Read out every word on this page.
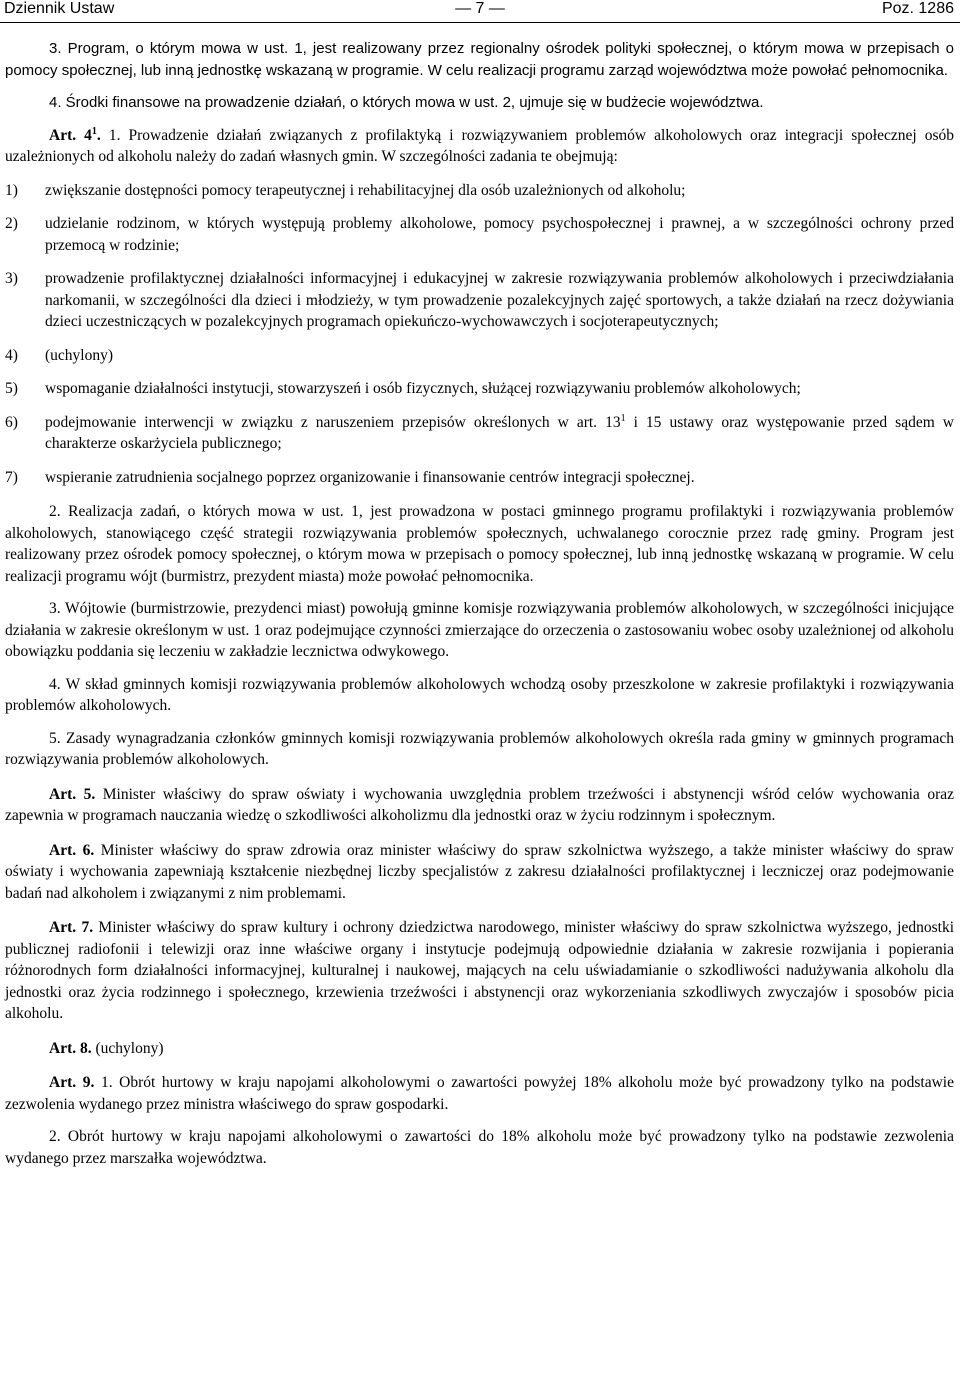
Dziennik Ustaw	— 7 —	Poz. 1286

3. Program, o którym mowa w ust. 1, jest realizowany przez regionalny ośrodek polityki społecznej, o którym mowa w przepisach o pomocy społecznej, lub inną jednostkę wskazaną w programie. W celu realizacji programu zarząd województwa może powołać pełnomocnika.

4. Środki finansowe na prowadzenie działań, o których mowa w ust. 2, ujmuje się w budżecie województwa.

Art. $4^1$. 1. Prowadzenie działań związanych z profilaktyką i rozwiązywaniem problemów alkoholowych oraz integracji społecznej osób uzależnionych od alkoholu należy do zadań własnych gmin. W szczególności zadania te obejmują:

1)	zwiększanie dostępności pomocy terapeutycznej i rehabilitacyjnej dla osób uzależnionych od alkoholu;
2)	udzielanie rodzinom, w których występują problemy alkoholowe, pomocy psychospołecznej i prawnej, a w szczególności ochrony przed przemocą w rodzinie;
3)	prowadzenie profilaktycznej działalności informacyjnej i edukacyjnej w zakresie rozwiązywania problemów alkoholowych i przeciwdziałania narkomanii, w szczególności dla dzieci i młodzieży, w tym prowadzenie pozalekcyjnych zajęć sportowych, a także działań na rzecz dożywiania dzieci uczestniczących w pozalekcyjnych programach opiekuńczo-wychowawczych i socjoterapeutycznych;
4)	(uchylony)
5)	wspomaganie działalności instytucji, stowarzyszeń i osób fizycznych, służącej rozwiązywaniu problemów alkoholowych;
6)	podejmowanie interwencji w związku z naruszeniem przepisów określonych w art. $13^1$ i 15 ustawy oraz występowanie przed sądem w charakterze oskarżyciela publicznego;
7)	wspieranie zatrudnienia socjalnego poprzez organizowanie i finansowanie centrów integracji społecznej.

2. Realizacja zadań, o których mowa w ust. 1, jest prowadzona w postaci gminnego programu profilaktyki i rozwiązywania problemów alkoholowych, stanowiącego część strategii rozwiązywania problemów społecznych, uchwalanego corocznie przez radę gminy. Program jest realizowany przez ośrodek pomocy społecznej, o którym mowa w przepisach o pomocy społecznej, lub inną jednostkę wskazaną w programie. W celu realizacji programu wójt (burmistrz, prezydent miasta) może powołać pełnomocnika.

3. Wójtowie (burmistrzowie, prezydenci miast) powołują gminne komisje rozwiązywania problemów alkoholowych, w szczególności inicjujące działania w zakresie określonym w ust. 1 oraz podejmujące czynności zmierzające do orzeczenia o zastosowaniu wobec osoby uzależnionej od alkoholu obowiązku poddania się leczeniu w zakładzie lecznictwa odwykowego.

4. W skład gminnych komisji rozwiązywania problemów alkoholowych wchodzą osoby przeszkolone w zakresie profilaktyki i rozwiązywania problemów alkoholowych.

5. Zasady wynagradzania członków gminnych komisji rozwiązywania problemów alkoholowych określa rada gminy w gminnych programach rozwiązywania problemów alkoholowych.

Art. 5. Minister właściwy do spraw oświaty i wychowania uwzględnia problem trzeźwości i abstynencji wśród celów wychowania oraz zapewnia w programach nauczania wiedzę o szkodliwości alkoholizmu dla jednostki oraz w życiu rodzinnym i społecznym.

Art. 6. Minister właściwy do spraw zdrowia oraz minister właściwy do spraw szkolnictwa wyższego, a także minister właściwy do spraw oświaty i wychowania zapewniają kształcenie niezbędnej liczby specjalistów z zakresu działalności profilaktycznej i leczniczej oraz podejmowanie badań nad alkoholem i związanymi z nim problemami.

Art. 7. Minister właściwy do spraw kultury i ochrony dziedzictwa narodowego, minister właściwy do spraw szkolnictwa wyższego, jednostki publicznej radiofonii i telewizji oraz inne właściwe organy i instytucje podejmują odpowiednie działania w zakresie rozwijania i popierania różnorodnych form działalności informacyjnej, kulturalnej i naukowej, mających na celu uświadamianie o szkodliwości nadużywania alkoholu dla jednostki oraz życia rodzinnego i społecznego, krzewienia trzeźwości i abstynencji oraz wykorzeniania szkodliwych zwyczajów i sposobów picia alkoholu.

Art. 8. (uchylony)

Art. 9. 1. Obrót hurtowy w kraju napojami alkoholowymi o zawartości powyżej 18% alkoholu może być prowadzony tylko na podstawie zezwolenia wydanego przez ministra właściwego do spraw gospodarki.

2. Obrót hurtowy w kraju napojami alkoholowymi o zawartości do 18% alkoholu może być prowadzony tylko na podstawie zezwolenia wydanego przez marszałka województwa.
